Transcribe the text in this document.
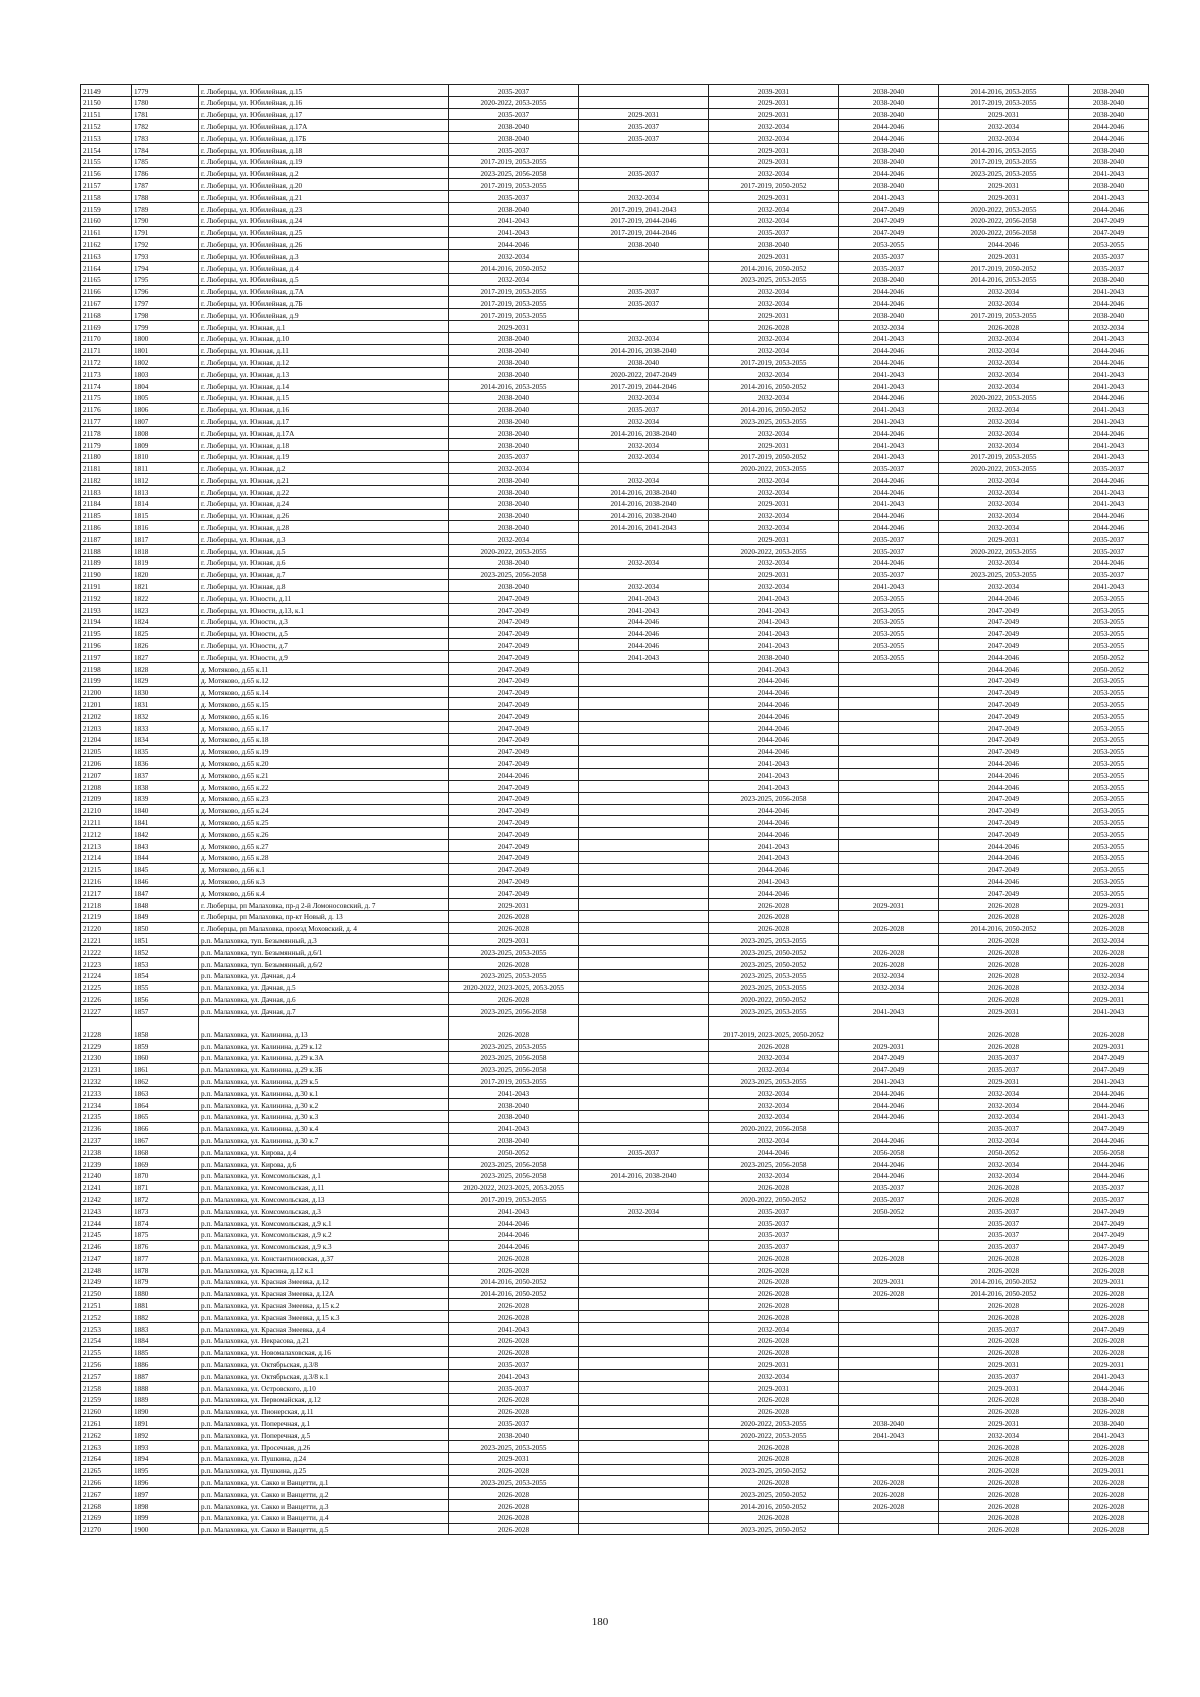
21149	1779	г. Люберцы, ул. Юбилейная, д.15	2035-2037		2039-2031	2038-2040	2014-2016, 2053-2055	2038-2040
21150	1780	г. Люберцы, ул. Юбилейная, д.16	2020-2022, 2053-2055		2029-2031	2038-2040	2017-2019, 2053-2055	2038-2040
21151	1781	г. Люберцы, ул. Юбилейная, д.17	2035-2037	2029-2031	2029-2031	2038-2040	2029-2031	2038-2040
21152	1782	г. Люберцы, ул. Юбилейная, д.17А	2038-2040	2035-2037	2032-2034	2044-2046	2032-2034	2044-2046
21153	1783	г. Люберцы, ул. Юбилейная, д.17Б	2038-2040	2035-2037	2032-2034	2044-2046	2032-2034	2044-2046
21154	1784	г. Люберцы, ул. Юбилейная, д.18	2035-2037		2029-2031	2038-2040	2014-2016, 2053-2055	2038-2040
21155	1785	г. Люберцы, ул. Юбилейная, д.19	2017-2019, 2053-2055		2029-2031	2038-2040	2017-2019, 2053-2055	2038-2040
21156	1786	г. Люберцы, ул. Юбилейная, д.2	2023-2025, 2056-2058	2035-2037	2032-2034	2044-2046	2023-2025, 2053-2055	2041-2043
21157	1787	г. Люберцы, ул. Юбилейная, д.20	2017-2019, 2053-2055		2017-2019, 2050-2052	2038-2040	2029-2031	2038-2040
21158	1788	г. Люберцы, ул. Юбилейная, д.21	2035-2037	2032-2034	2029-2031	2041-2043	2029-2031	2041-2043
21159	1789	г. Люберцы, ул. Юбилейная, д.23	2038-2040	2017-2019, 2041-2043	2032-2034	2047-2049	2020-2022, 2053-2055	2044-2046
21160	1790	г. Люберцы, ул. Юбилейная, д.24	2041-2043	2017-2019, 2044-2046	2032-2034	2047-2049	2020-2022, 2056-2058	2047-2049
21161	1791	г. Люберцы, ул. Юбилейная, д.25	2041-2043	2017-2019, 2044-2046	2035-2037	2047-2049	2020-2022, 2056-2058	2047-2049
21162	1792	г. Люберцы, ул. Юбилейная, д.26	2044-2046	2038-2040	2038-2040	2053-2055	2044-2046	2053-2055
21163	1793	г. Люберцы, ул. Юбилейная, д.3	2032-2034		2029-2031	2035-2037	2029-2031	2035-2037
21164	1794	г. Люберцы, ул. Юбилейная, д.4	2014-2016, 2050-2052		2014-2016, 2050-2052	2035-2037	2017-2019, 2050-2052	2035-2037
21165	1795	г. Люберцы, ул. Юбилейная, д.5	2032-2034		2023-2025, 2053-2055	2038-2040	2014-2016, 2053-2055	2038-2040
21166	1796	г. Люберцы, ул. Юбилейная, д.7А	2017-2019, 2053-2055	2035-2037	2032-2034	2044-2046	2032-2034	2041-2043
21167	1797	г. Люберцы, ул. Юбилейная, д.7Б	2017-2019, 2053-2055	2035-2037	2032-2034	2044-2046	2032-2034	2044-2046
21168	1798	г. Люберцы, ул. Юбилейная, д.9	2017-2019, 2053-2055		2029-2031	2038-2040	2017-2019, 2053-2055	2038-2040
21169	1799	г. Люберцы, ул. Южная, д.1	2029-2031		2026-2028	2032-2034	2026-2028	2032-2034
21170	1800	г. Люберцы, ул. Южная, д.10	2038-2040	2032-2034	2032-2034	2041-2043	2032-2034	2041-2043
21171	1801	г. Люберцы, ул. Южная, д.11	2038-2040	2014-2016, 2038-2040	2032-2034	2044-2046	2032-2034	2044-2046
21172	1802	г. Люберцы, ул. Южная, д.12	2038-2040	2038-2040	2017-2019, 2053-2055	2044-2046	2032-2034	2044-2046
21173	1803	г. Люберцы, ул. Южная, д.13	2038-2040	2020-2022, 2047-2049	2032-2034	2041-2043	2032-2034	2041-2043
21174	1804	г. Люберцы, ул. Южная, д.14	2014-2016, 2053-2055	2017-2019, 2044-2046	2014-2016, 2050-2052	2041-2043	2032-2034	2041-2043
21175	1805	г. Люберцы, ул. Южная, д.15	2038-2040	2032-2034	2032-2034	2044-2046	2020-2022, 2053-2055	2044-2046
21176	1806	г. Люберцы, ул. Южная, д.16	2038-2040	2035-2037	2014-2016, 2050-2052	2041-2043	2032-2034	2041-2043
21177	1807	г. Люберцы, ул. Южная, д.17	2038-2040	2032-2034	2023-2025, 2053-2055	2041-2043	2032-2034	2041-2043
21178	1808	г. Люберцы, ул. Южная, д.17А	2038-2040	2014-2016, 2038-2040	2032-2034	2044-2046	2032-2034	2044-2046
21179	1809	г. Люберцы, ул. Южная, д.18	2038-2040	2032-2034	2029-2031	2041-2043	2032-2034	2041-2043
21180	1810	г. Люберцы, ул. Южная, д.19	2035-2037	2032-2034	2017-2019, 2050-2052	2041-2043	2017-2019, 2053-2055	2041-2043
21181	1811	г. Люберцы, ул. Южная, д.2	2032-2034		2020-2022, 2053-2055	2035-2037	2020-2022, 2053-2055	2035-2037
21182	1812	г. Люберцы, ул. Южная, д.21	2038-2040	2032-2034	2032-2034	2044-2046	2032-2034	2044-2046
21183	1813	г. Люберцы, ул. Южная, д.22	2038-2040	2014-2016, 2038-2040	2032-2034	2044-2046	2032-2034	2041-2043
21184	1814	г. Люберцы, ул. Южная, д.24	2038-2040	2014-2016, 2038-2040	2029-2031	2041-2043	2032-2034	2041-2043
21185	1815	г. Люберцы, ул. Южная, д.26	2038-2040	2014-2016, 2038-2040	2032-2034	2044-2046	2032-2034	2044-2046
21186	1816	г. Люберцы, ул. Южная, д.28	2038-2040	2014-2016, 2041-2043	2032-2034	2044-2046	2032-2034	2044-2046
21187	1817	г. Люберцы, ул. Южная, д.3	2032-2034		2029-2031	2035-2037	2029-2031	2035-2037
21188	1818	г. Люберцы, ул. Южная, д.5	2020-2022, 2053-2055		2020-2022, 2053-2055	2035-2037	2020-2022, 2053-2055	2035-2037
21189	1819	г. Люберцы, ул. Южная, д.6	2038-2040	2032-2034	2032-2034	2044-2046	2032-2034	2044-2046
21190	1820	г. Люберцы, ул. Южная, д.7	2023-2025, 2056-2058		2029-2031	2035-2037	2023-2025, 2053-2055	2035-2037
21191	1821	г. Люберцы, ул. Южная, д.8	2038-2040	2032-2034	2032-2034	2041-2043	2032-2034	2041-2043
21192	1822	г. Люберцы, ул. Юности, д.11	2047-2049	2041-2043	2041-2043	2053-2055	2044-2046	2053-2055
21193	1823	г. Люберцы, ул. Юности, д.13, к.1	2047-2049	2041-2043	2041-2043	2053-2055	2047-2049	2053-2055
21194	1824	г. Люберцы, ул. Юности, д.3	2047-2049	2044-2046	2041-2043	2053-2055	2047-2049	2053-2055
21195	1825	г. Люберцы, ул. Юности, д.5	2047-2049	2044-2046	2041-2043	2053-2055	2047-2049	2053-2055
21196	1826	г. Люберцы, ул. Юности, д.7	2047-2049	2044-2046	2041-2043	2053-2055	2047-2049	2053-2055
21197	1827	г. Люберцы, ул. Юности, д.9	2047-2049	2041-2043	2038-2040	2053-2055	2044-2046	2050-2052
21198	1828	д. Мотяково, д.65 к.11	2047-2049		2041-2043		2044-2046	2050-2052
21199	1829	д. Мотяково, д.65 к.12	2047-2049		2044-2046		2047-2049	2053-2055
21200	1830	д. Мотяково, д.65 к.14	2047-2049		2044-2046		2047-2049	2053-2055
21201	1831	д. Мотяково, д.65 к.15	2047-2049		2044-2046		2047-2049	2053-2055
21202	1832	д. Мотяково, д.65 к.16	2047-2049		2044-2046		2047-2049	2053-2055
21203	1833	д. Мотяково, д.65 к.17	2047-2049		2044-2046		2047-2049	2053-2055
21204	1834	д. Мотяково, д.65 к.18	2047-2049		2044-2046		2047-2049	2053-2055
21205	1835	д. Мотяково, д.65 к.19	2047-2049		2044-2046		2047-2049	2053-2055
21206	1836	д. Мотяково, д.65 к.20	2047-2049		2041-2043		2044-2046	2053-2055
21207	1837	д. Мотяково, д.65 к.21	2044-2046		2041-2043		2044-2046	2053-2055
21208	1838	д. Мотяково, д.65 к.22	2047-2049		2041-2043		2044-2046	2053-2055
21209	1839	д. Мотяково, д.65 к.23	2047-2049		2023-2025, 2056-2058		2047-2049	2053-2055
21210	1840	д. Мотяково, д.65 к.24	2047-2049		2044-2046		2047-2049	2053-2055
21211	1841	д. Мотяково, д.65 к.25	2047-2049		2044-2046		2047-2049	2053-2055
21212	1842	д. Мотяково, д.65 к.26	2047-2049		2044-2046		2047-2049	2053-2055
21213	1843	д. Мотяково, д.65 к.27	2047-2049		2041-2043		2044-2046	2053-2055
21214	1844	д. Мотяково, д.65 к.28	2047-2049		2041-2043		2044-2046	2053-2055
21215	1845	д. Мотяково, д.66 к.1	2047-2049		2044-2046		2047-2049	2053-2055
21216	1846	д. Мотяково, д.66 к.3	2047-2049		2041-2043		2044-2046	2053-2055
21217	1847	д. Мотяково, д.66 к.4	2047-2049		2044-2046		2047-2049	2053-2055
21218	1848	г. Люберцы, рп Малаховка, пр-д 2-й Ломоносовский, д. 7	2029-2031		2026-2028	2029-2031	2026-2028	2029-2031
21219	1849	г. Люберцы, рп Малаховка, пр-кт Новый, д. 13	2026-2028		2026-2028		2026-2028	2026-2028
21220	1850	г. Люберцы, рп Малаховка, проезд Моховский, д. 4	2026-2028		2026-2028	2026-2028	2014-2016, 2050-2052	2026-2028
21221	1851	р.п. Малаховка, туп. Безымянный, д.3	2029-2031		2023-2025, 2053-2055		2026-2028	2032-2034
21222	1852	р.п. Малаховка, туп. Безымянный, д.6/1	2023-2025, 2053-2055		2023-2025, 2050-2052	2026-2028	2026-2028	2026-2028
21223	1853	р.п. Малаховка, туп. Безымянный, д.6/2	2026-2028		2023-2025, 2050-2052	2026-2028	2026-2028	2026-2028
21224	1854	р.п. Малаховка, ул. Дачная, д.4	2023-2025, 2053-2055		2023-2025, 2053-2055	2032-2034	2026-2028	2032-2034
21225	1855	р.п. Малаховка, ул. Дачная, д.5	2020-2022, 2023-2025, 2053-2055		2023-2025, 2053-2055	2032-2034	2026-2028	2032-2034
21226	1856	р.п. Малаховка, ул. Дачная, д.6	2026-2028		2020-2022, 2050-2052		2026-2028	2029-2031
21227	1857	р.п. Малаховка, ул. Дачная, д.7	2023-2025, 2056-2058		2023-2025, 2053-2055	2041-2043	2029-2031	2041-2043
21228	1858	р.п. Малаховка, ул. Калинина, д.13	2026-2028		2017-2019, 2023-2025, 2050-2052		2026-2028	2026-2028
21229	1859	р.п. Малаховка, ул. Калинина, д.29 к.12	2023-2025, 2053-2055		2026-2028	2029-2031	2026-2028	2029-2031
21230	1860	р.п. Малаховка, ул. Калинина, д.29 к.3А	2023-2025, 2056-2058		2032-2034	2047-2049	2035-2037	2047-2049
21231	1861	р.п. Малаховка, ул. Калинина, д.29 к.3Б	2023-2025, 2056-2058		2032-2034	2047-2049	2035-2037	2047-2049
21232	1862	р.п. Малаховка, ул. Калинина, д.29 к.5	2017-2019, 2053-2055		2023-2025, 2053-2055	2041-2043	2029-2031	2041-2043
21233	1863	р.п. Малаховка, ул. Калинина, д.30 к.1	2041-2043		2032-2034	2044-2046	2032-2034	2044-2046
21234	1864	р.п. Малаховка, ул. Калинина, д.30 к.2	2038-2040		2032-2034	2044-2046	2032-2034	2044-2046
21235	1865	р.п. Малаховка, ул. Калинина, д.30 к.3	2038-2040		2032-2034	2044-2046	2032-2034	2041-2043
21236	1866	р.п. Малаховка, ул. Калинина, д.30 к.4	2041-2043		2020-2022, 2056-2058		2035-2037	2047-2049
21237	1867	р.п. Малаховка, ул. Калинина, д.30 к.7	2038-2040		2032-2034	2044-2046	2032-2034	2044-2046
21238	1868	р.п. Малаховка, ул. Кирова, д.4	2050-2052	2035-2037	2044-2046	2056-2058	2050-2052	2056-2058
21239	1869	р.п. Малаховка, ул. Кирова, д.6	2023-2025, 2056-2058		2023-2025, 2056-2058	2044-2046	2032-2034	2044-2046
21240	1870	р.п. Малаховка, ул. Комсомольская, д.1	2023-2025, 2056-2058	2014-2016, 2038-2040	2032-2034	2044-2046	2032-2034	2044-2046
21241	1871	р.п. Малаховка, ул. Комсомольская, д.11	2020-2022, 2023-2025, 2053-2055		2026-2028	2035-2037	2026-2028	2035-2037
21242	1872	р.п. Малаховка, ул. Комсомольская, д.13	2017-2019, 2053-2055		2020-2022, 2050-2052	2035-2037	2026-2028	2035-2037
21243	1873	р.п. Малаховка, ул. Комсомольская, д.3	2041-2043	2032-2034	2035-2037	2050-2052	2035-2037	2047-2049
21244	1874	р.п. Малаховка, ул. Комсомольская, д.9 к.1	2044-2046		2035-2037		2035-2037	2047-2049
21245	1875	р.п. Малаховка, ул. Комсомольская, д.9 к.2	2044-2046		2035-2037		2035-2037	2047-2049
21246	1876	р.п. Малаховка, ул. Комсомольская, д.9 к.3	2044-2046		2035-2037		2035-2037	2047-2049
21247	1877	р.п. Малаховка, ул. Константиновская, д.37	2026-2028		2026-2028	2026-2028	2026-2028	2026-2028
21248	1878	р.п. Малаховка, ул. Красина, д.12 к.1	2026-2028		2026-2028		2026-2028	2026-2028
21249	1879	р.п. Малаховка, ул. Красная Змеевка, д.12	2014-2016, 2050-2052		2026-2028	2029-2031	2014-2016, 2050-2052	2029-2031
21250	1880	р.п. Малаховка, ул. Красная Змеевка, д.12А	2014-2016, 2050-2052		2026-2028	2026-2028	2014-2016, 2050-2052	2026-2028
21251	1881	р.п. Малаховка, ул. Красная Змеевка, д.15 к.2	2026-2028		2026-2028		2026-2028	2026-2028
21252	1882	р.п. Малаховка, ул. Красная Змеевка, д.15 к.3	2026-2028		2026-2028		2026-2028	2026-2028
21253	1883	р.п. Малаховка, ул. Красная Змеевка, д.4	2041-2043		2032-2034		2035-2037	2047-2049
21254	1884	р.п. Малаховка, ул. Некрасова, д.21	2026-2028		2026-2028		2026-2028	2026-2028
21255	1885	р.п. Малаховка, ул. Новомалаховская, д.16	2026-2028		2026-2028		2026-2028	2026-2028
21256	1886	р.п. Малаховка, ул. Октябрьская, д.3/8	2035-2037		2029-2031		2029-2031	2029-2031
21257	1887	р.п. Малаховка, ул. Октябрьская, д.3/8 к.1	2041-2043		2032-2034		2035-2037	2041-2043
21258	1888	р.п. Малаховка, ул. Островского, д.10	2035-2037		2029-2031		2029-2031	2044-2046
21259	1889	р.п. Малаховка, ул. Первомайская, д.12	2026-2028		2026-2028		2026-2028	2038-2040
21260	1890	р.п. Малаховка, ул. Пионерская, д.11	2026-2028		2026-2028		2026-2028	2026-2028
21261	1891	р.п. Малаховка, ул. Поперечная, д.1	2035-2037		2020-2022, 2053-2055	2038-2040	2029-2031	2038-2040
21262	1892	р.п. Малаховка, ул. Поперечная, д.5	2038-2040		2020-2022, 2053-2055	2041-2043	2032-2034	2041-2043
21263	1893	р.п. Малаховка, ул. Просечная, д.26	2023-2025, 2053-2055		2026-2028		2026-2028	2026-2028
21264	1894	р.п. Малаховка, ул. Пушкина, д.24	2029-2031		2026-2028		2026-2028	2026-2028
21265	1895	р.п. Малаховка, ул. Пушкина, д.25	2026-2028		2023-2025, 2050-2052		2026-2028	2029-2031
21266	1896	р.п. Малаховка, ул. Сакко и Ванцетти, д.1	2023-2025, 2053-2055		2026-2028	2026-2028	2026-2028	2026-2028
21267	1897	р.п. Малаховка, ул. Сакко и Ванцетти, д.2	2026-2028		2023-2025, 2050-2052	2026-2028	2026-2028	2026-2028
21268	1898	р.п. Малаховка, ул. Сакко и Ванцетти, д.3	2026-2028		2014-2016, 2050-2052	2026-2028	2026-2028	2026-2028
21269	1899	р.п. Малаховка, ул. Сакко и Ванцетти, д.4	2026-2028		2026-2028		2026-2028	2026-2028
21270	1900	р.п. Малаховка, ул. Сакко и Ванцетти, д.5	2026-2028		2023-2025, 2050-2052		2026-2028	2026-2028
180
